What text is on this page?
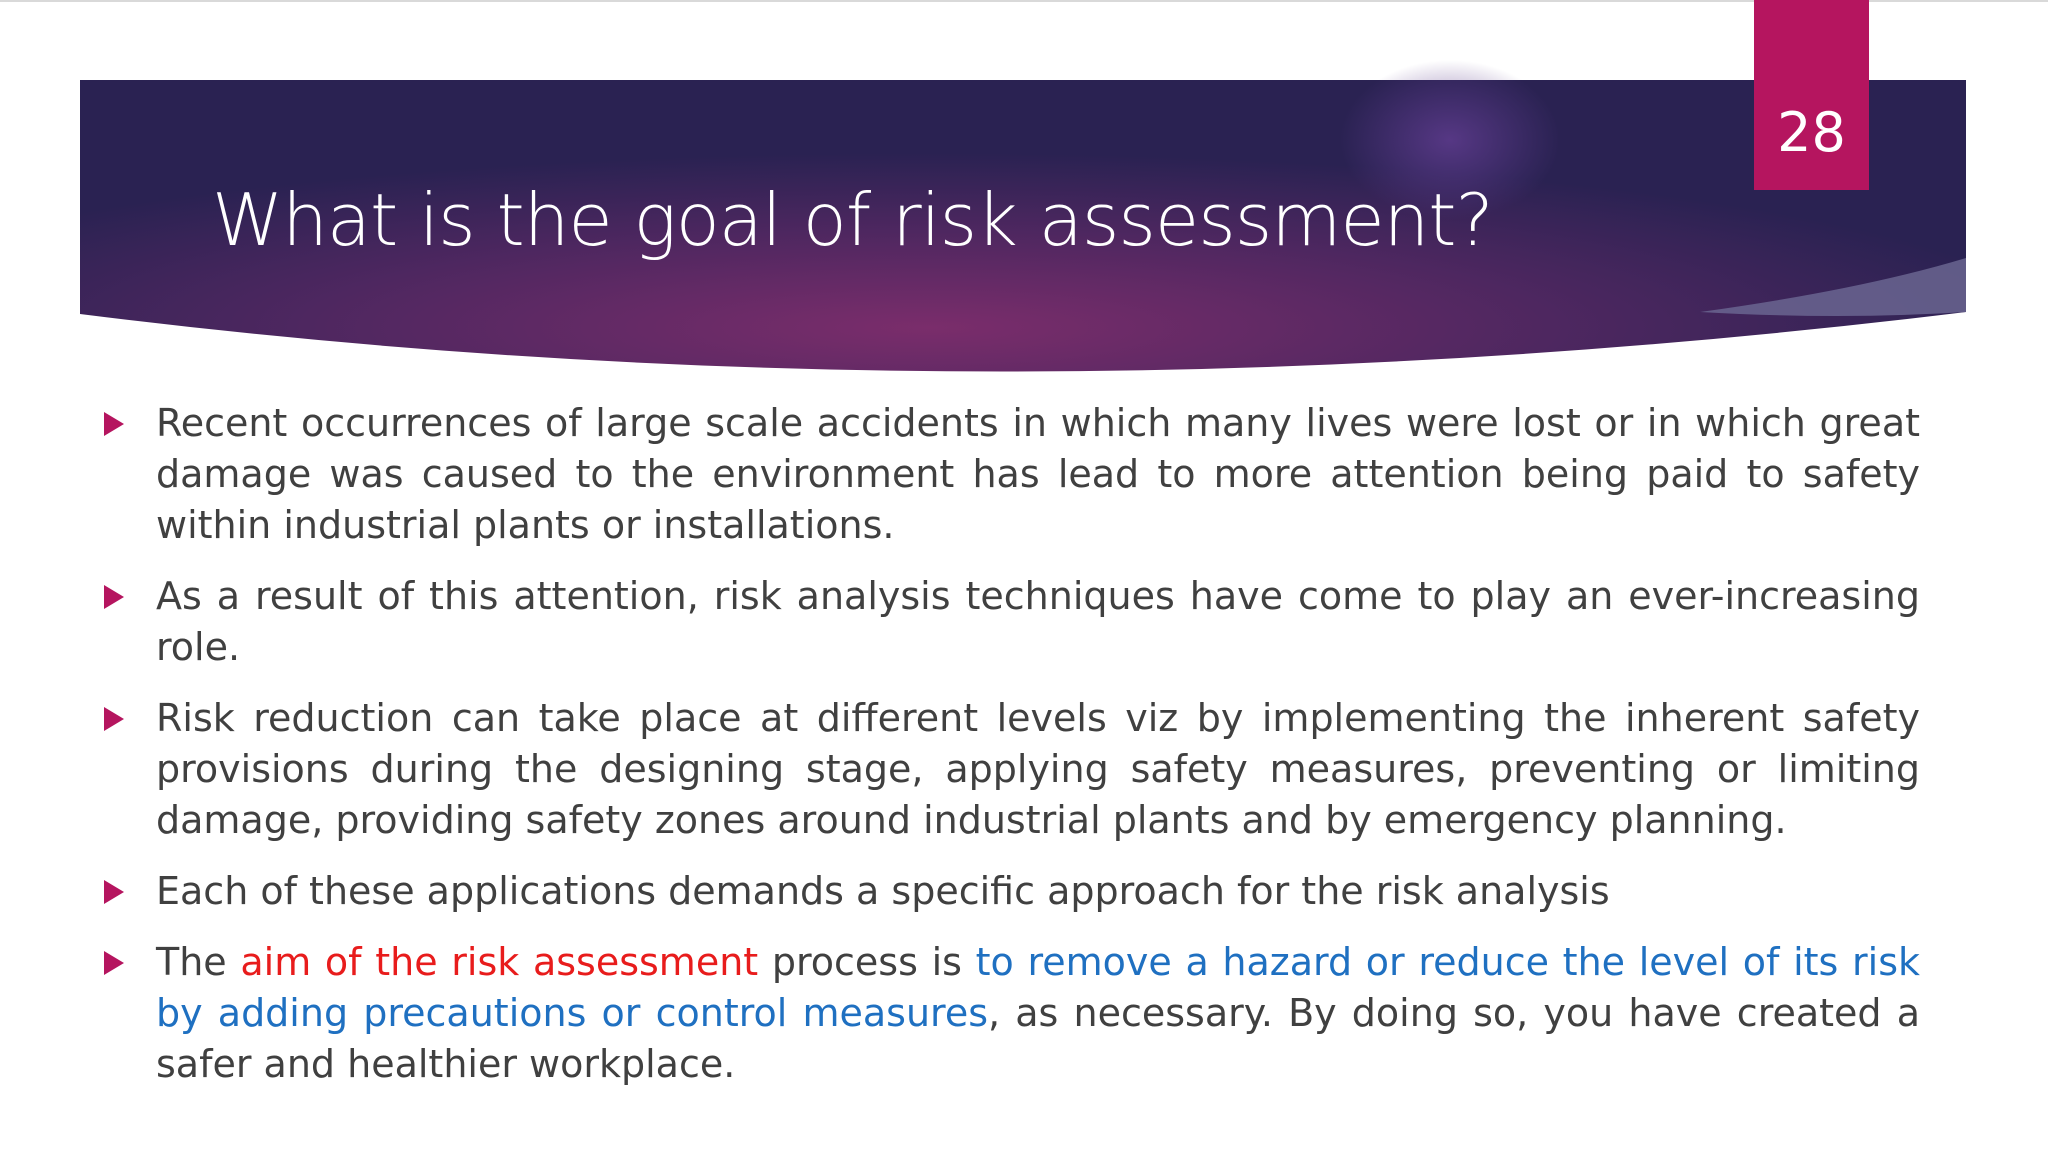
28
What is the goal of risk assessment?
Recent occurrences of large scale accidents in which many lives were lost or in which great damage was caused to the environment has lead to more attention being paid to safety within industrial plants or installations.
As a result of this attention, risk analysis techniques have come to play an ever-increasing role.
Risk reduction can take place at different levels viz by implementing the inherent safety provisions during the designing stage, applying safety measures, preventing or limiting damage, providing safety zones around industrial plants and by emergency planning.
Each of these applications demands a specific approach for the risk analysis
The aim of the risk assessment process is to remove a hazard or reduce the level of its risk by adding precautions or control measures, as necessary. By doing so, you have created a safer and healthier workplace.
